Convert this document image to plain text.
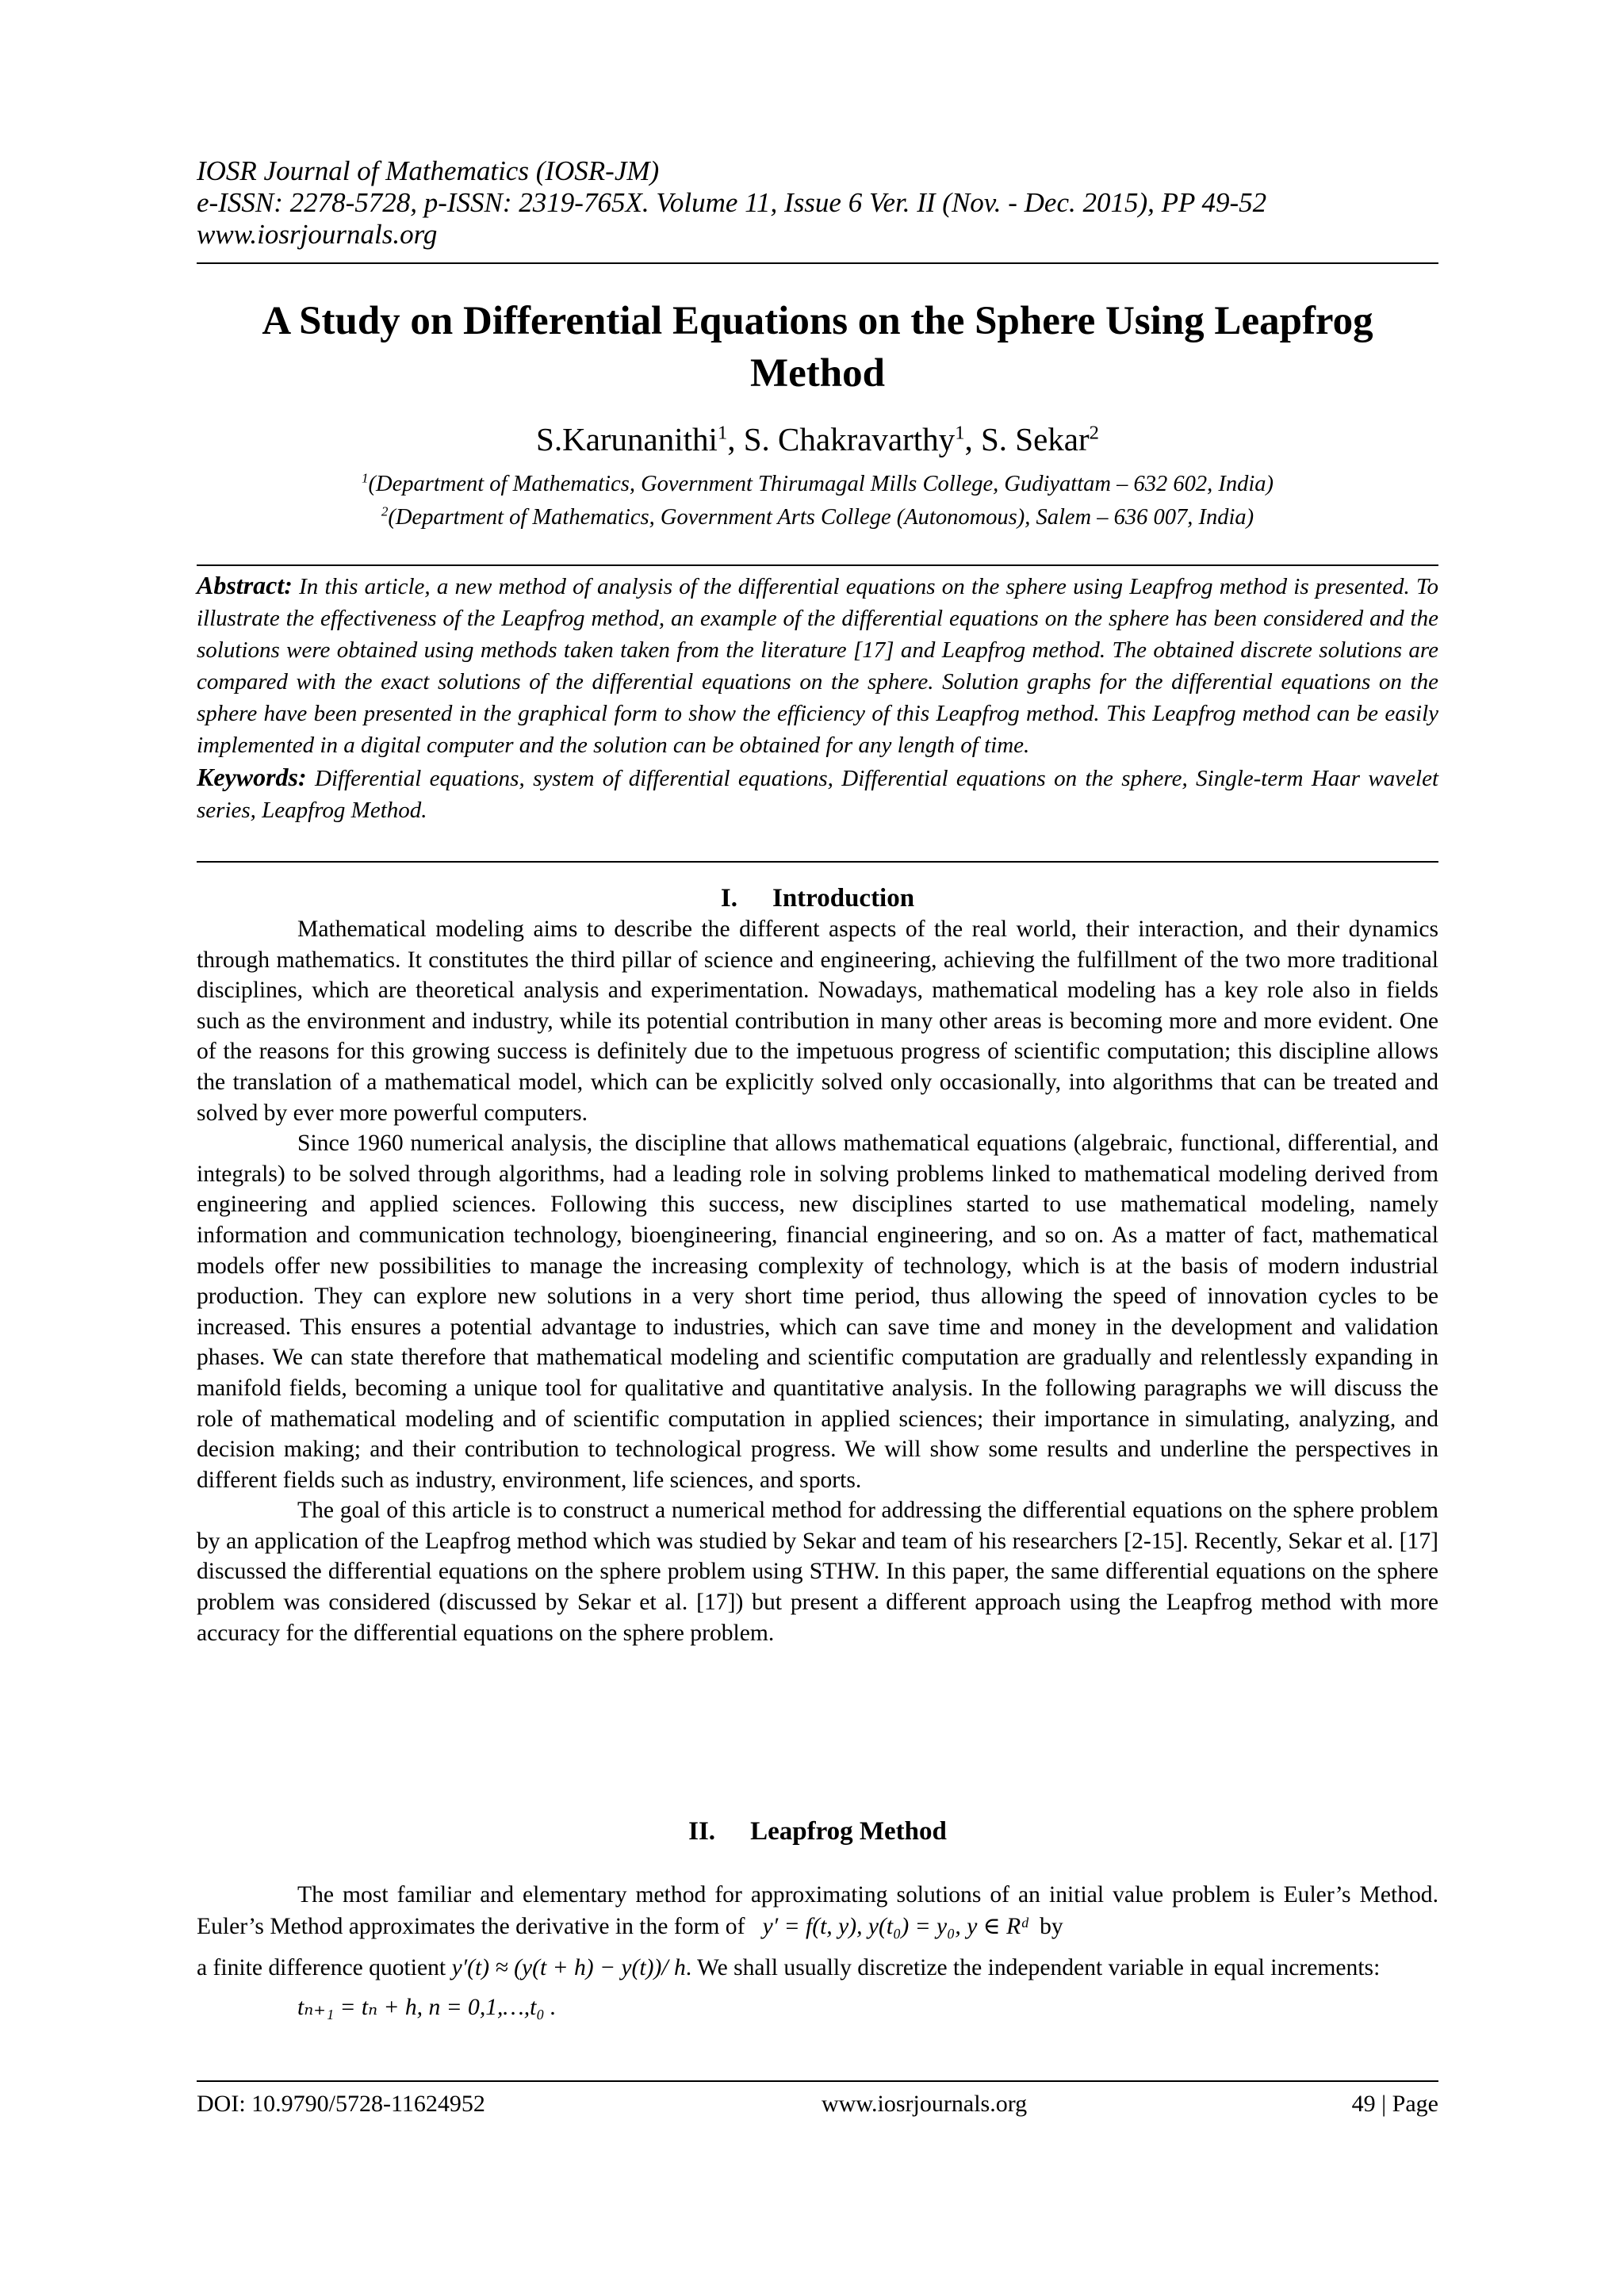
IOSR Journal of Mathematics (IOSR-JM)
e-ISSN: 2278-5728, p-ISSN: 2319-765X. Volume 11, Issue 6 Ver. II (Nov. - Dec. 2015), PP 49-52
www.iosrjournals.org
A Study on Differential Equations on the Sphere Using Leapfrog Method
S.Karunanithi$^1$, S. Chakravarthy$^1$, S. Sekar$^2$
$^1$(Department of Mathematics, Government Thirumagal Mills College, Gudiyattam – 632 602, India)
$^2$(Department of Mathematics, Government Arts College (Autonomous), Salem – 636 007, India)

Abstract: In this article, a new method of analysis of the differential equations on the sphere using Leapfrog method is presented. To illustrate the effectiveness of the Leapfrog method, an example of the differential equations on the sphere has been considered and the solutions were obtained using methods taken taken from the literature [17] and Leapfrog method. The obtained discrete solutions are compared with the exact solutions of the differential equations on the sphere. Solution graphs for the differential equations on the sphere have been presented in the graphical form to show the efficiency of this Leapfrog method. This Leapfrog method can be easily implemented in a digital computer and the solution can be obtained for any length of time.

Keywords: Differential equations, system of differential equations, Differential equations on the sphere, Single-term Haar wavelet series, Leapfrog Method.

I. Introduction

Mathematical modeling aims to describe the different aspects of the real world, their interaction, and their dynamics through mathematics. It constitutes the third pillar of science and engineering, achieving the fulfillment of the two more traditional disciplines, which are theoretical analysis and experimentation. Nowadays, mathematical modeling has a key role also in fields such as the environment and industry, while its potential contribution in many other areas is becoming more and more evident. One of the reasons for this growing success is definitely due to the impetuous progress of scientific computation; this discipline allows the translation of a mathematical model, which can be explicitly solved only occasionally, into algorithms that can be treated and solved by ever more powerful computers.

Since 1960 numerical analysis, the discipline that allows mathematical equations (algebraic, functional, differential, and integrals) to be solved through algorithms, had a leading role in solving problems linked to mathematical modeling derived from engineering and applied sciences. Following this success, new disciplines started to use mathematical modeling, namely information and communication technology, bioengineering, financial engineering, and so on. As a matter of fact, mathematical models offer new possibilities to manage the increasing complexity of technology, which is at the basis of modern industrial production. They can explore new solutions in a very short time period, thus allowing the speed of innovation cycles to be increased. This ensures a potential advantage to industries, which can save time and money in the development and validation phases. We can state therefore that mathematical modeling and scientific computation are gradually and relentlessly expanding in manifold fields, becoming a unique tool for qualitative and quantitative analysis. In the following paragraphs we will discuss the role of mathematical modeling and of scientific computation in applied sciences; their importance in simulating, analyzing, and decision making; and their contribution to technological progress. We will show some results and underline the perspectives in different fields such as industry, environment, life sciences, and sports.

The goal of this article is to construct a numerical method for addressing the differential equations on the sphere problem by an application of the Leapfrog method which was studied by Sekar and team of his researchers [2-15]. Recently, Sekar et al. [17] discussed the differential equations on the sphere problem using STHW. In this paper, the same differential equations on the sphere problem was considered (discussed by Sekar et al. [17]) but present a different approach using the Leapfrog method with more accuracy for the differential equations on the sphere problem.

II. Leapfrog Method

The most familiar and elementary method for approximating solutions of an initial value problem is Euler’s Method. Euler’s Method approximates the derivative in the form of y′ = f(t, y), y(t₀) = y₀, y ∈ Rᵈ by

a finite difference quotient y′(t) ≈ (y(t + h) − y(t))/ h. We shall usually discretize the independent variable in equal increments:

tₙ₊₁ = tₙ + h, n = 0,1,…,t₀ .

DOI: 10.9790/5728-11624952	www.iosrjournals.org	49 | Page
